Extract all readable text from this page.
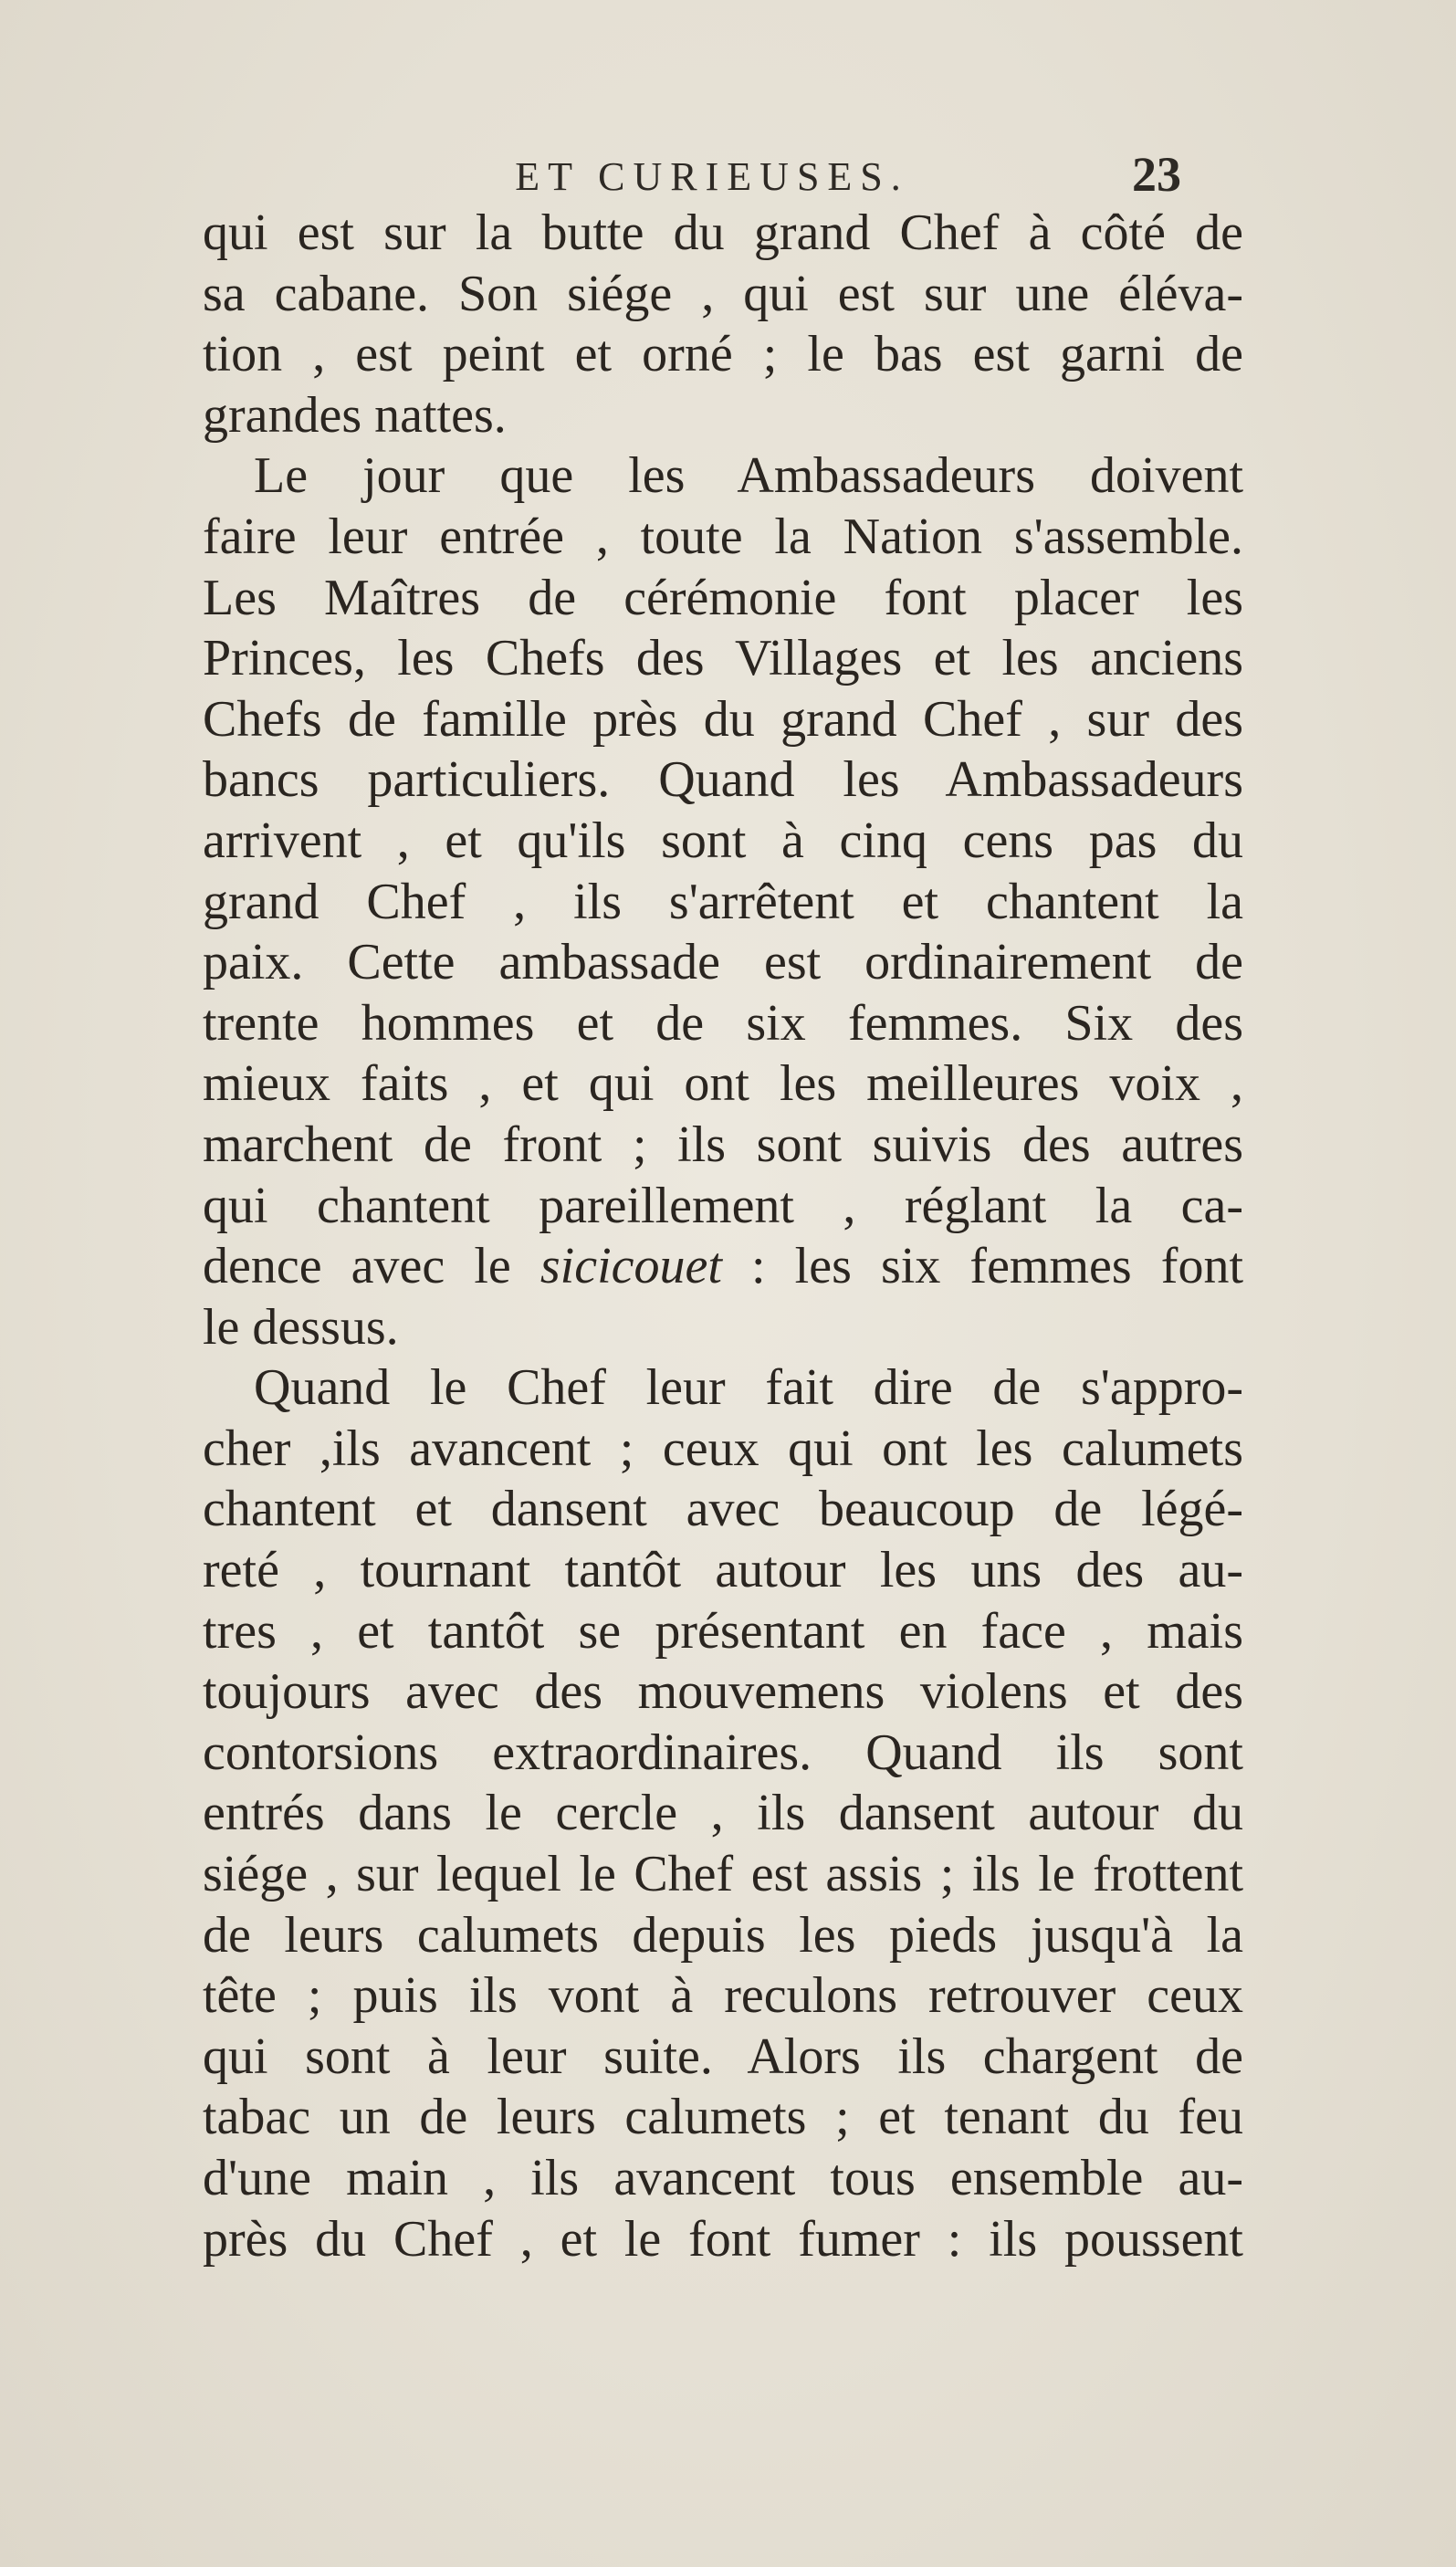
ET CURIEUSES.	23
qui est sur la butte du grand Chef à côté de
sa cabane. Son siége , qui est sur une éléva-
tion , est peint et orné ; le bas est garni de
grandes nattes.
Le jour que les Ambassadeurs doivent
faire leur entrée , toute la Nation s'assemble.
Les Maîtres de cérémonie font placer les
Princes, les Chefs des Villages et les anciens
Chefs de famille près du grand Chef , sur des
bancs particuliers. Quand les Ambassadeurs
arrivent , et qu'ils sont à cinq cens pas du
grand Chef , ils s'arrêtent et chantent la
paix. Cette ambassade est ordinairement de
trente hommes et de six femmes. Six des
mieux faits , et qui ont les meilleures voix ,
marchent de front ; ils sont suivis des autres
qui chantent pareillement , réglant la ca-
dence avec le sicicouet : les six femmes font
le dessus.
Quand le Chef leur fait dire de s'appro-
cher ,ils avancent ; ceux qui ont les calumets
chantent et dansent avec beaucoup de légé-
reté , tournant tantôt autour les uns des au-
tres , et tantôt se présentant en face , mais
toujours avec des mouvemens violens et des
contorsions extraordinaires. Quand ils sont
entrés dans le cercle , ils dansent autour du
siége , sur lequel le Chef est assis ; ils le frottent
de leurs calumets depuis les pieds jusqu'à la
tête ; puis ils vont à reculons retrouver ceux
qui sont à leur suite. Alors ils chargent de
tabac un de leurs calumets ; et tenant du feu
d'une main , ils avancent tous ensemble au-
près du Chef , et le font fumer : ils poussent
